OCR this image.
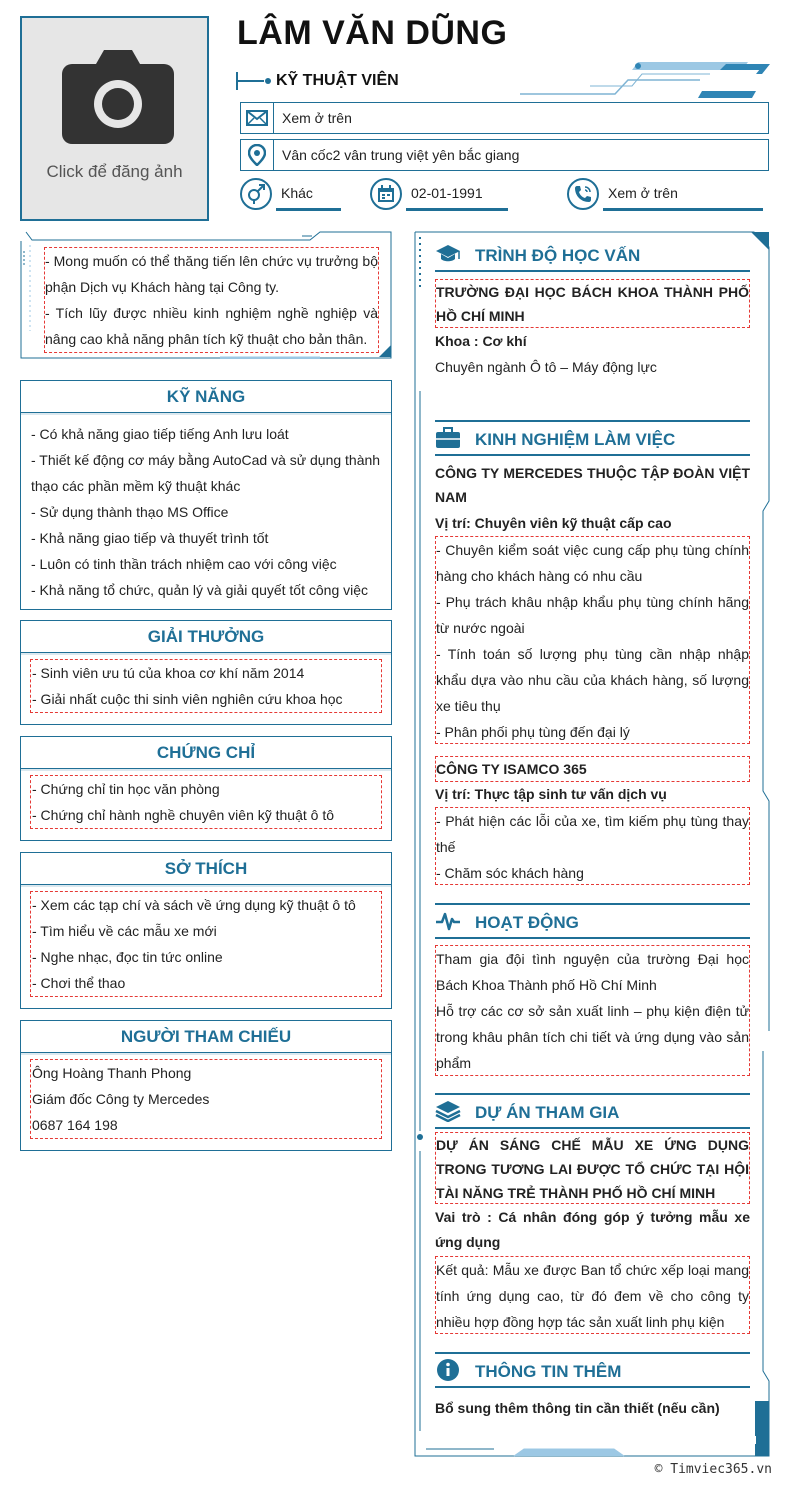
Click để đăng ảnh
LÂM VĂN DŨNG
KỸ THUẬT VIÊN
Xem ở trên
Vân cốc2 vân trung việt yên bắc giang
Khác	02-01-1991	Xem ở trên
- Mong muốn có thể thăng tiến lên chức vụ trưởng bộ phận Dịch vụ Khách hàng tại Công ty.
- Tích lũy được nhiều kinh nghiệm nghề nghiệp và nâng cao khả năng phân tích kỹ thuật cho bản thân.
KỸ NĂNG
- Có khả năng giao tiếp tiếng Anh lưu loát
- Thiết kế động cơ máy bằng AutoCad và sử dụng thành thạo các phần mềm kỹ thuật khác
- Sử dụng thành thạo MS Office
- Khả năng giao tiếp và thuyết trình tốt
- Luôn có tinh thần trách nhiệm cao với công việc
- Khả năng tổ chức, quản lý và giải quyết tốt công việc
GIẢI THƯỞNG
- Sinh viên ưu tú của khoa cơ khí năm 2014
- Giải nhất cuộc thi sinh viên nghiên cứu khoa học
CHỨNG CHỈ
- Chứng chỉ tin học văn phòng
- Chứng chỉ hành nghề chuyên viên kỹ thuật ô tô
SỞ THÍCH
- Xem các tạp chí và sách về ứng dụng kỹ thuật ô tô
- Tìm hiểu về các mẫu xe mới
- Nghe nhạc, đọc tin tức online
- Chơi thể thao
NGƯỜI THAM CHIẾU
Ông Hoàng Thanh Phong
Giám đốc Công ty Mercedes
0687 164 198
TRÌNH ĐỘ HỌC VẤN
TRƯỜNG ĐẠI HỌC BÁCH KHOA THÀNH PHỐ HỒ CHÍ MINH
Khoa : Cơ khí
Chuyên ngành Ô tô – Máy động lực
KINH NGHIỆM LÀM VIỆC
CÔNG TY MERCEDES THUỘC TẬP ĐOÀN VIỆT NAM
Vị trí: Chuyên viên kỹ thuật cấp cao
- Chuyên kiểm soát việc cung cấp phụ tùng chính hàng cho khách hàng có nhu cầu
- Phụ trách khâu nhập khẩu phụ tùng chính hãng từ nước ngoài
- Tính toán số lượng phụ tùng cần nhập nhập khẩu dựa vào nhu cầu của khách hàng, số lượng xe tiêu thụ
- Phân phối phụ tùng đến đại lý
CÔNG TY ISAMCO 365
Vị trí: Thực tập sinh tư vấn dịch vụ
- Phát hiện các lỗi của xe, tìm kiếm phụ tùng thay thế
- Chăm sóc khách hàng
HOẠT ĐỘNG
Tham gia đội tình nguyện của trường Đại học Bách Khoa Thành phố Hồ Chí Minh
Hỗ trợ các cơ sở sản xuất linh – phụ kiện điện tử trong khâu phân tích chi tiết và ứng dụng vào sản phẩm
DỰ ÁN THAM GIA
DỰ ÁN SÁNG CHẾ MẪU XE ỨNG DỤNG TRONG TƯƠNG LAI ĐƯỢC TỔ CHỨC TẠI HỘI TÀI NĂNG TRẺ THÀNH PHỐ HỒ CHÍ MINH
Vai trò : Cá nhân đóng góp ý tưởng mẫu xe ứng dụng
Kết quả: Mẫu xe được Ban tổ chức xếp loại mang tính ứng dụng cao, từ đó đem về cho công ty nhiều hợp đồng hợp tác sản xuất linh phụ kiện
THÔNG TIN THÊM
Bổ sung thêm thông tin cần thiết (nếu cần)
© Timviec365.vn
